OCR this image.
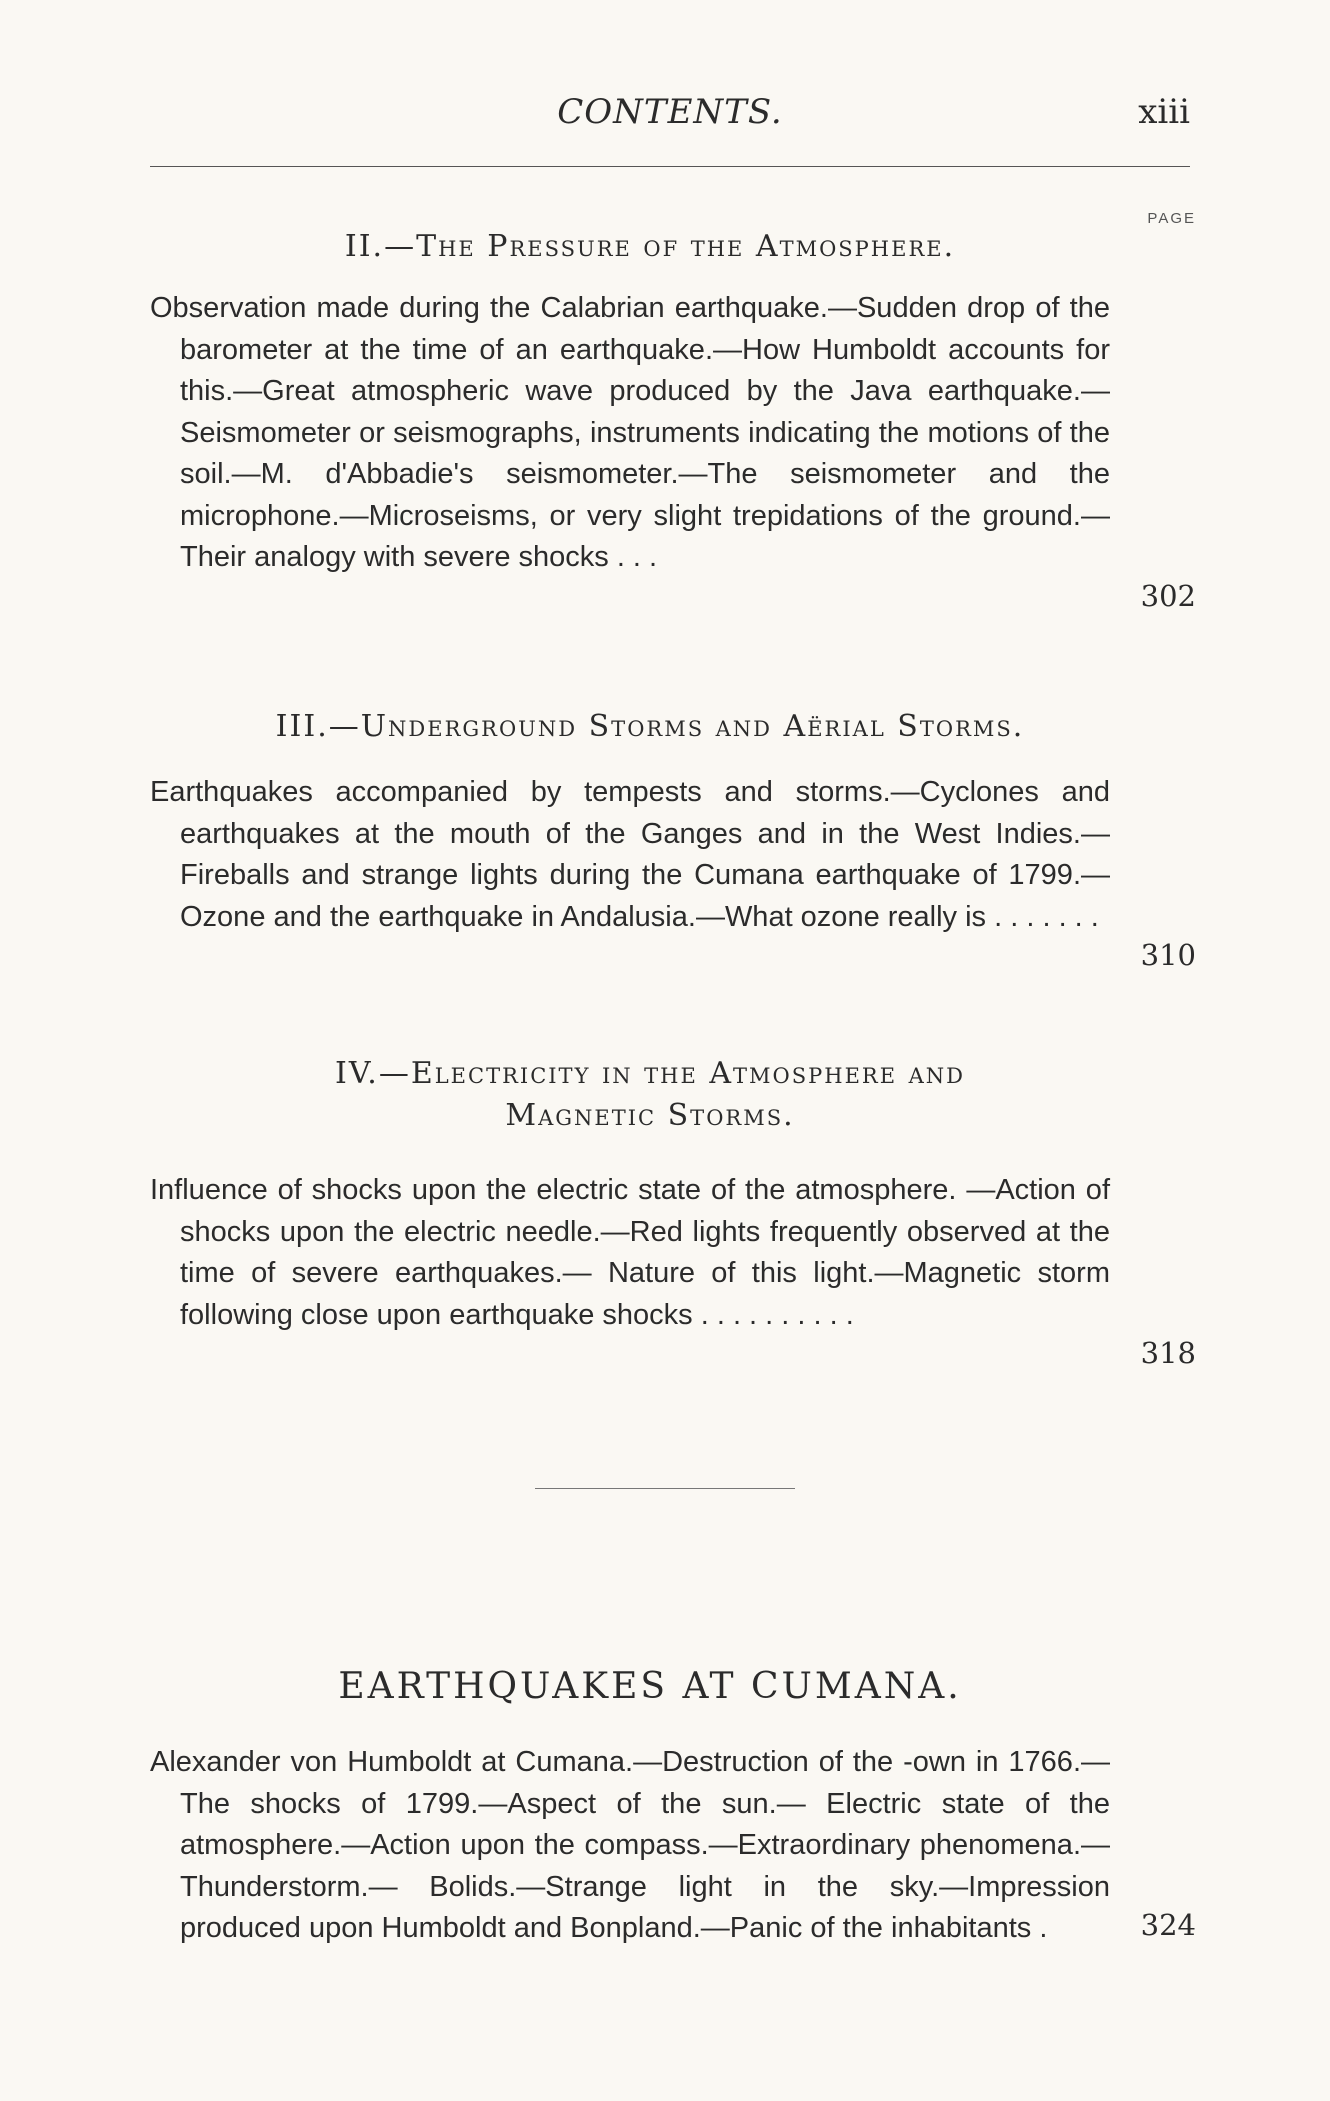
CONTENTS.	xiii
PAGE
II.—The Pressure of the Atmosphere.
Observation made during the Calabrian earthquake.—Sudden drop of the barometer at the time of an earthquake.—How Humboldt accounts for this.—Great atmospheric wave produced by the Java earthquake.—Seismometer or seismographs, instruments indicating the motions of the soil.—M. d'Abbadie's seismometer.—The seismometer and the microphone.—Microseisms, or very slight trepidations of the ground.—Their analogy with severe shocks . . .
302
III.—Underground Storms and Aërial Storms.
Earthquakes accompanied by tempests and storms.—Cyclones and earthquakes at the mouth of the Ganges and in the West Indies.—Fireballs and strange lights during the Cumana earthquake of 1799.—Ozone and the earthquake in Andalusia.—What ozone really is . . . . . . .
310
IV.—Electricity in the Atmosphere and
Magnetic Storms.
Influence of shocks upon the electric state of the atmosphere. —Action of shocks upon the electric needle.—Red lights frequently observed at the time of severe earthquakes.— Nature of this light.—Magnetic storm following close upon earthquake shocks . . . . . . . . . .
318
EARTHQUAKES AT CUMANA.
Alexander von Humboldt at Cumana.—Destruction of the -own in 1766.—The shocks of 1799.—Aspect of the sun.— Electric state of the atmosphere.—Action upon the compass.—Extraordinary phenomena.—Thunderstorm.— Bolids.—Strange light in the sky.—Impression produced upon Humboldt and Bonpland.—Panic of the inhabitants .	324
